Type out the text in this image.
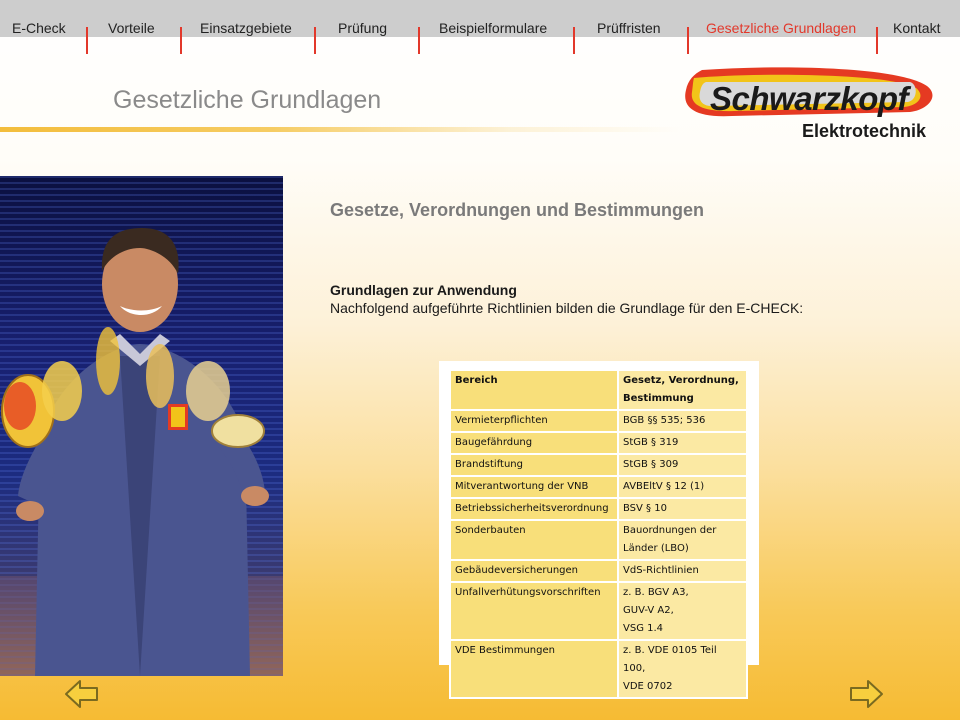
E-Check	Vorteile	Einsatzgebiete	Prüfung	Beispielformulare	Prüffristen	Gesetzliche Grundlagen	Kontakt
Gesetzliche Grundlagen	Schwarzkopf
Elektrotechnik
Gesetze, Verordnungen und Bestimmungen
Grundlagen zur Anwendung
Nachfolgend aufgeführte Richtlinien bilden die Grundlage für den E-CHECK:
Bereich	Gesetz, Verordnung,
Bestimmung

Vermieterpflichten	BGB §§ 535; 536

Baugefährdung	StGB § 319

Brandstiftung	StGB § 309

Mitverantwortung der VNB	AVBEltV § 12 (1)

Betriebssicherheitsverordnung	BSV § 10

Sonderbauten	Bauordnungen der
Länder (LBO)

Gebäudeversicherungen	VdS-Richtlinien

Unfallverhütungsvorschriften	z. B. BGV A3,
GUV-V A2,
VSG 1.4

VDE Bestimmungen	z. B. VDE 0105 Teil 100,
VDE 0702
